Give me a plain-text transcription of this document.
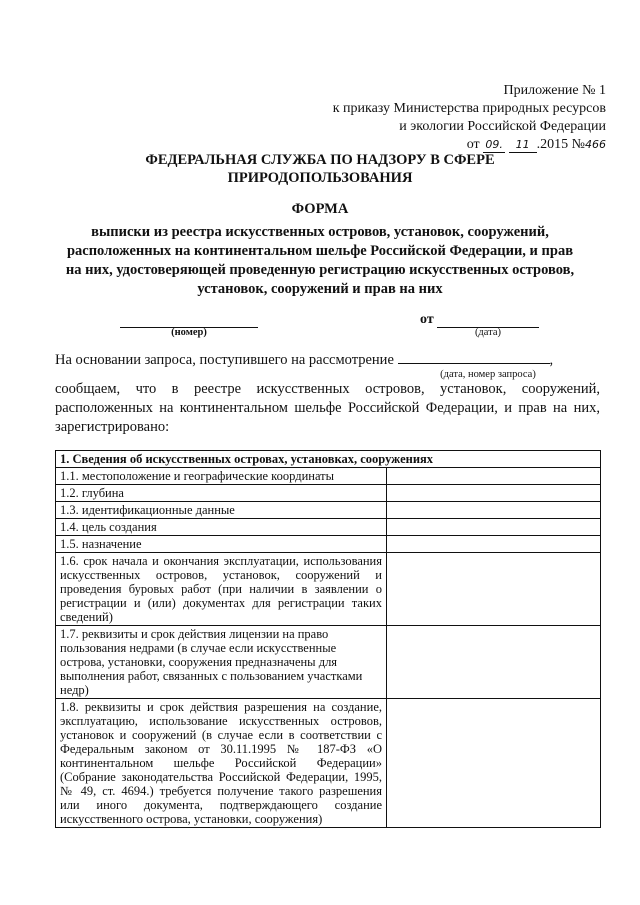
Приложение № 1
к приказу Министерства природных ресурсов
и экологии Российской Федерации
от 09. 11 .2015 №466
ФЕДЕРАЛЬНАЯ СЛУЖБА ПО НАДЗОРУ В СФЕРЕ ПРИРОДОПОЛЬЗОВАНИЯ
ФОРМА
выписки из реестра искусственных островов, установок, сооружений, расположенных на континентальном шельфе Российской Федерации, и прав на них, удостоверяющей проведенную регистрацию искусственных островов, установок, сооружений и прав на них
(номер)
от
(дата)
На основании запроса, поступившего на рассмотрение	,
(дата, номер запроса)
сообщаем, что в реестре искусственных островов, установок, сооружений, расположенных на континентальном шельфе Российской Федерации, и прав на них, зарегистрировано:
1. Сведения об искусственных островах, установках, сооружениях	
1.1. местоположение и географические координаты	
1.2. глубина	
1.3. идентификационные данные	
1.4. цель создания	
1.5. назначение	
1.6. срок начала и окончания эксплуатации, использования искусственных островов, установок, сооружений и проведения буровых работ (при наличии в заявлении о регистрации и (или) документах для регистрации таких сведений)	
1.7. реквизиты и срок действия лицензии на право пользования недрами (в случае если искусственные острова, установки, сооружения предназначены для выполнения работ, связанных с пользованием участками недр)	
1.8. реквизиты и срок действия разрешения на создание, эксплуатацию, использование искусственных островов, установок и сооружений (в случае если в соответствии с Федеральным законом от 30.11.1995 № 187-ФЗ «О континентальном шельфе Российской Федерации» (Собрание законодательства Российской Федерации, 1995, № 49, ст. 4694.) требуется получение такого разрешения или иного документа, подтверждающего создание искусственного острова, установки, сооружения)	
